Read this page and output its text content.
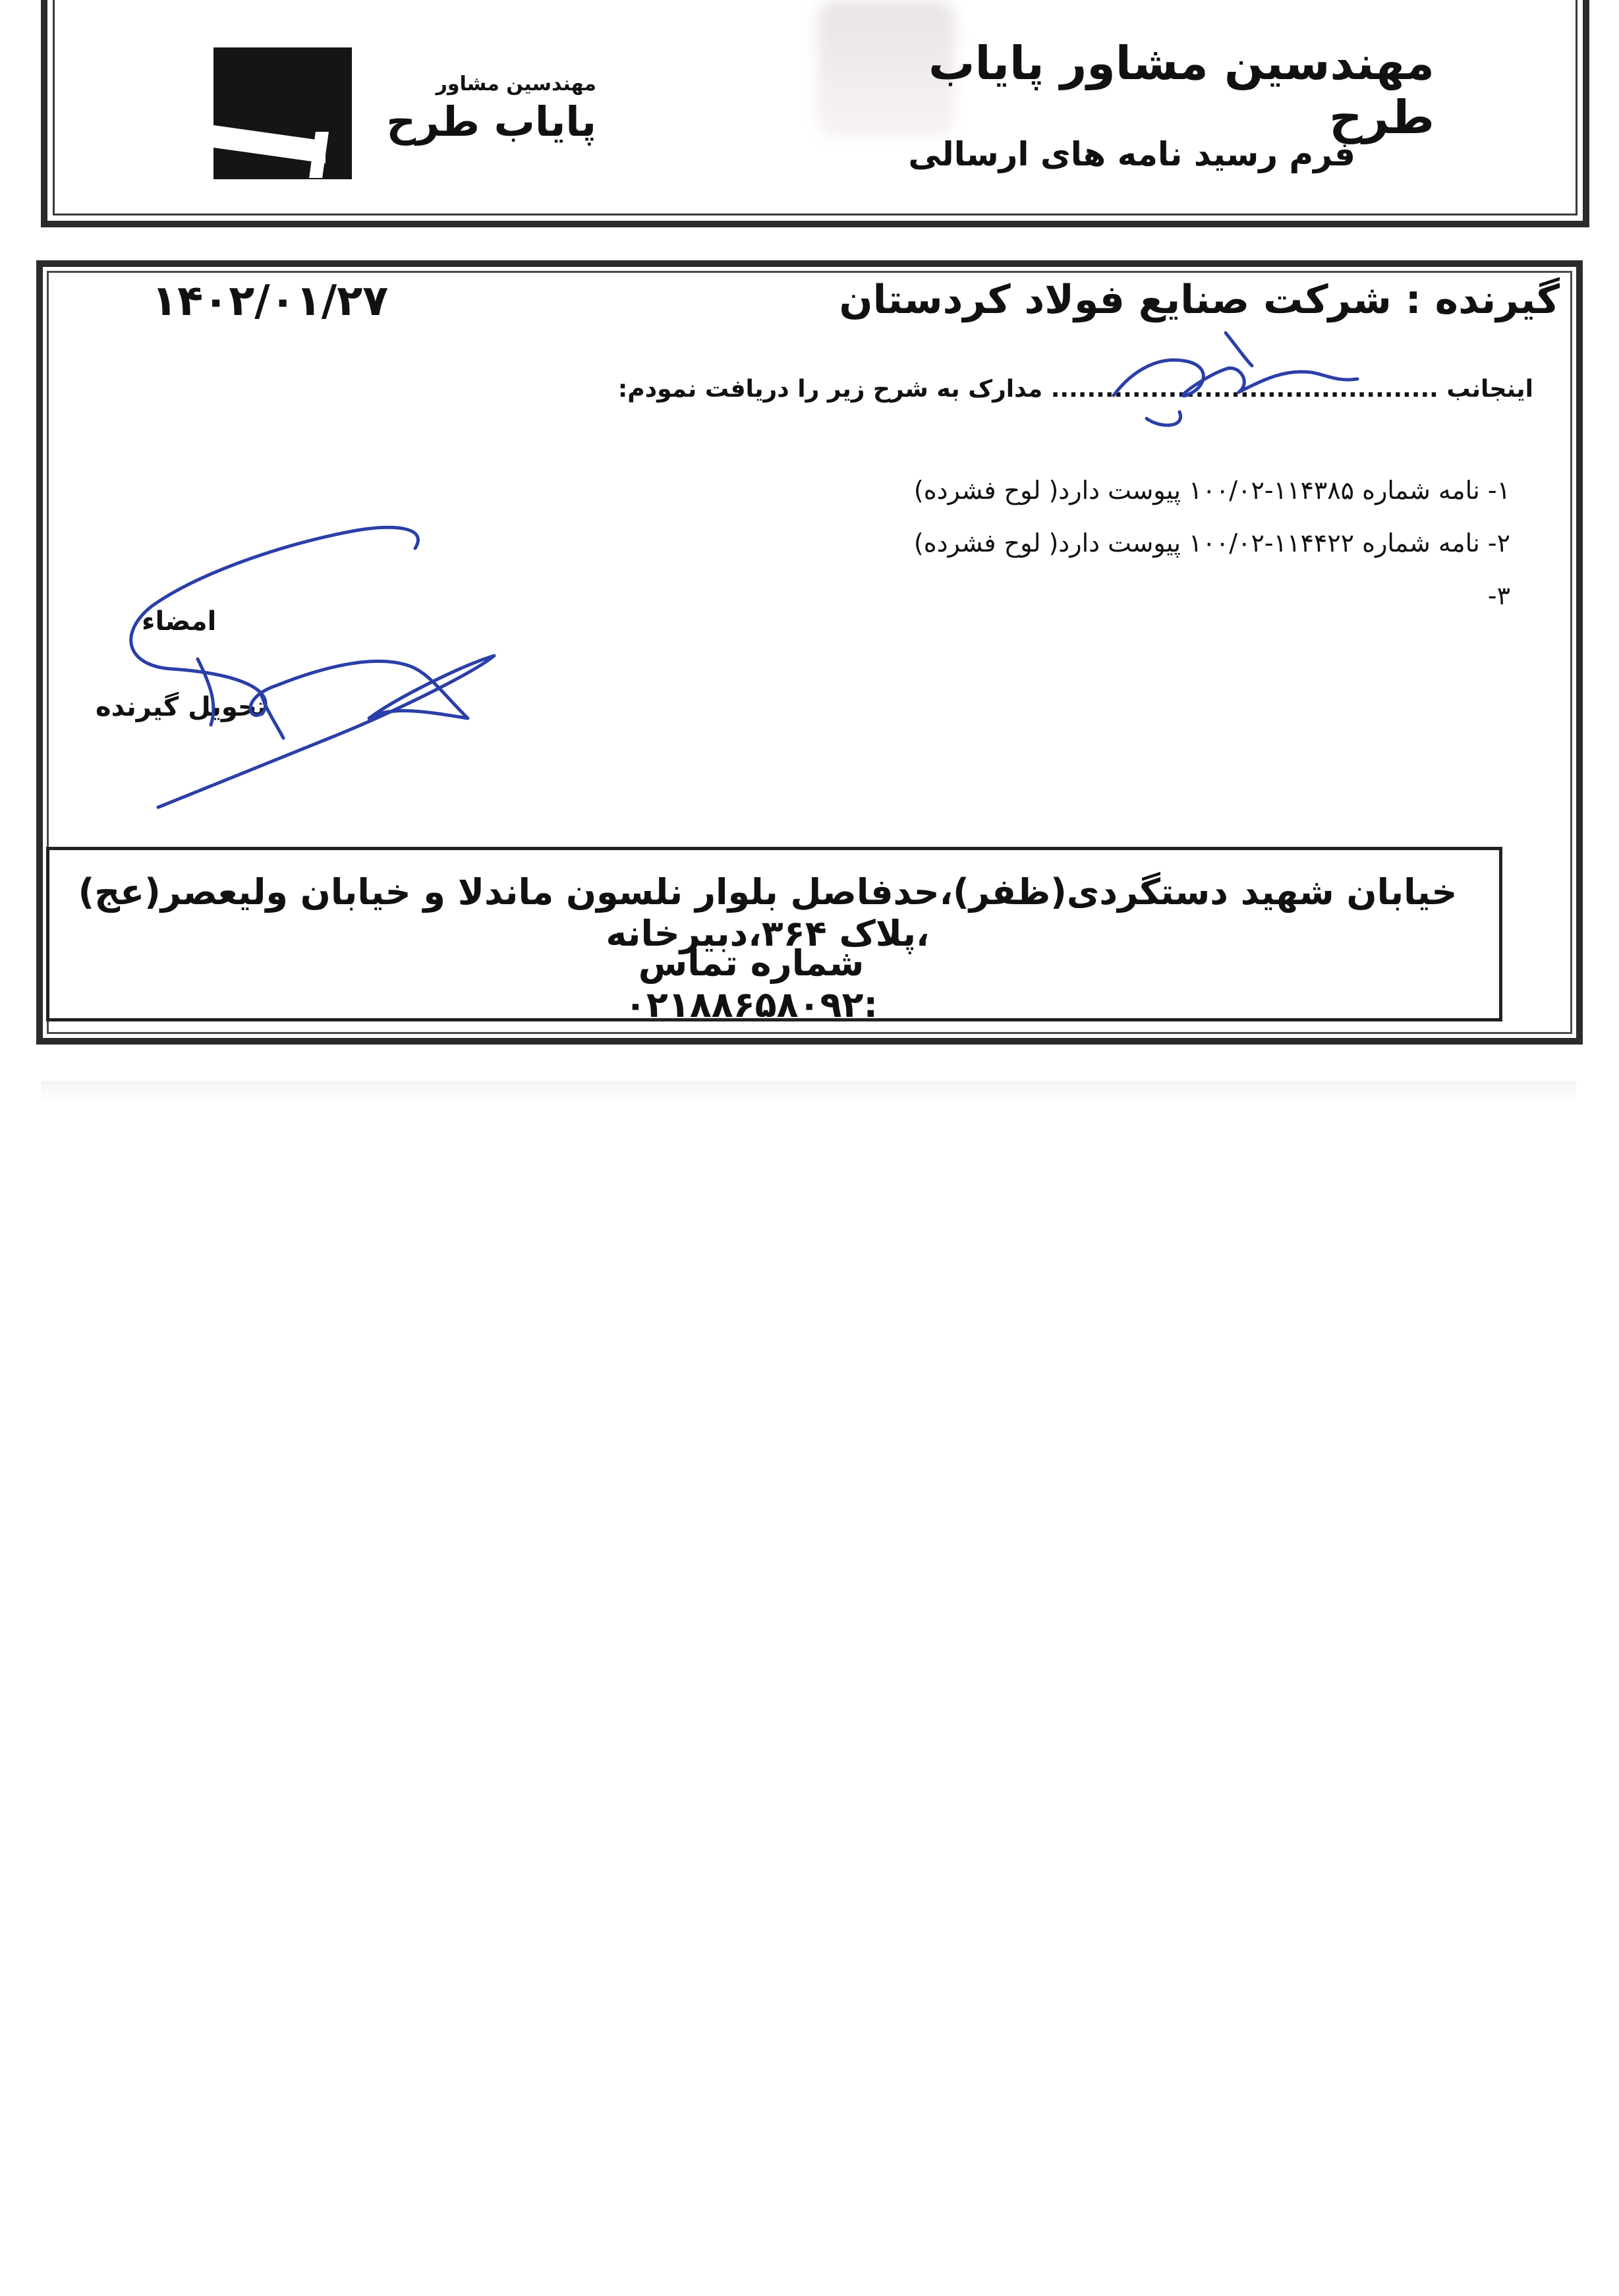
مهندسین مشاور
پایاب طرح
مهندسین مشاور پایاب طرح
فرم رسید نامه های ارسالی
گیرنده : شرکت صنایع فولاد کردستان
۱۴۰۲/۰۱/۲۷
اینجانب ........................................... مدارک به شرح زیر را دریافت نمودم:
۱- نامه شماره ۱۱۴۳۸۵-۱۰۰/۰۲ پیوست دارد( لوح فشرده)
۲- نامه شماره ۱۱۴۴۲۲-۱۰۰/۰۲ پیوست دارد( لوح فشرده)
۳-
امضاء
تحویل گیرنده
خیابان شهید دستگردی(ظفر)،حدفاصل بلوار نلسون ماندلا و خیابان ولیعصر(عج) ،پلاک ۳۶۴،دبیرخانه
شماره تماس :۰۲۱۸۸۶۵۸۰۹۲
